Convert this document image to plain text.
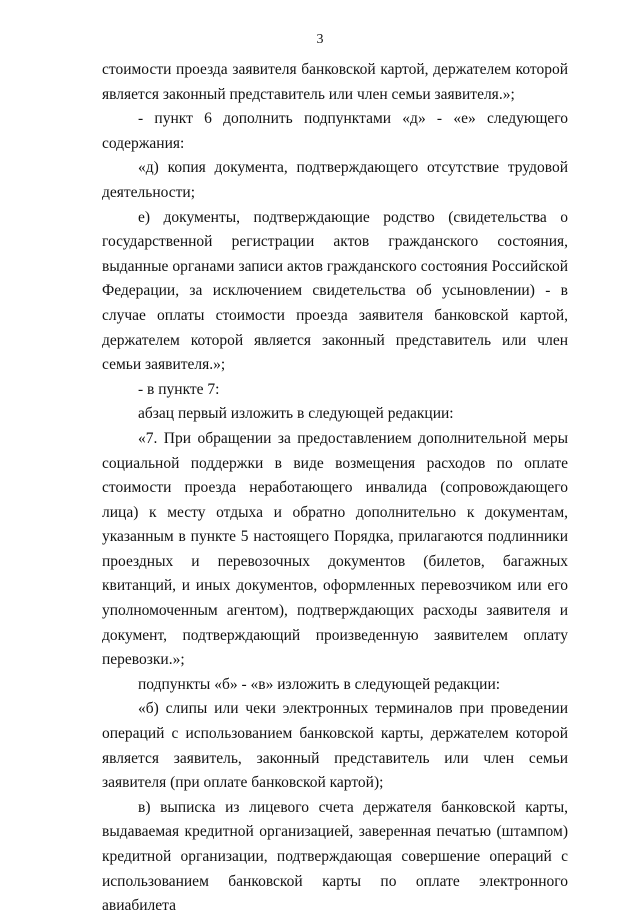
3

стоимости проезда заявителя банковской картой, держателем которой является законный представитель или член семьи заявителя.»;

- пункт 6 дополнить подпунктами «д» - «е» следующего содержания:

«д) копия документа, подтверждающего отсутствие трудовой деятельности;

е) документы, подтверждающие родство (свидетельства о государственной регистрации актов гражданского состояния, выданные органами записи актов гражданского состояния Российской Федерации, за исключением свидетельства об усыновлении) - в случае оплаты стоимости проезда заявителя банковской картой, держателем которой является законный представитель или член семьи заявителя.»;

- в пункте 7:

абзац первый изложить в следующей редакции:

«7. При обращении за предоставлением дополнительной меры социальной поддержки в виде возмещения расходов по оплате стоимости проезда неработающего инвалида (сопровождающего лица) к месту отдыха и обратно дополнительно к документам, указанным в пункте 5 настоящего Порядка, прилагаются подлинники проездных и перевозочных документов (билетов, багажных квитанций, и иных документов, оформленных перевозчиком или его уполномоченным агентом), подтверждающих расходы заявителя и документ, подтверждающий произведенную заявителем оплату перевозки.»;

подпункты «б» - «в» изложить в следующей редакции:

«б) слипы или чеки электронных терминалов при проведении операций с использованием банковской карты, держателем которой является заявитель, законный представитель или член семьи заявителя (при оплате банковской картой);

в) выписка из лицевого счета держателя банковской карты, выдаваемая кредитной организацией, заверенная печатью (штампом) кредитной организации, подтверждающая совершение операций с использованием банковской карты по оплате электронного авиабилета
